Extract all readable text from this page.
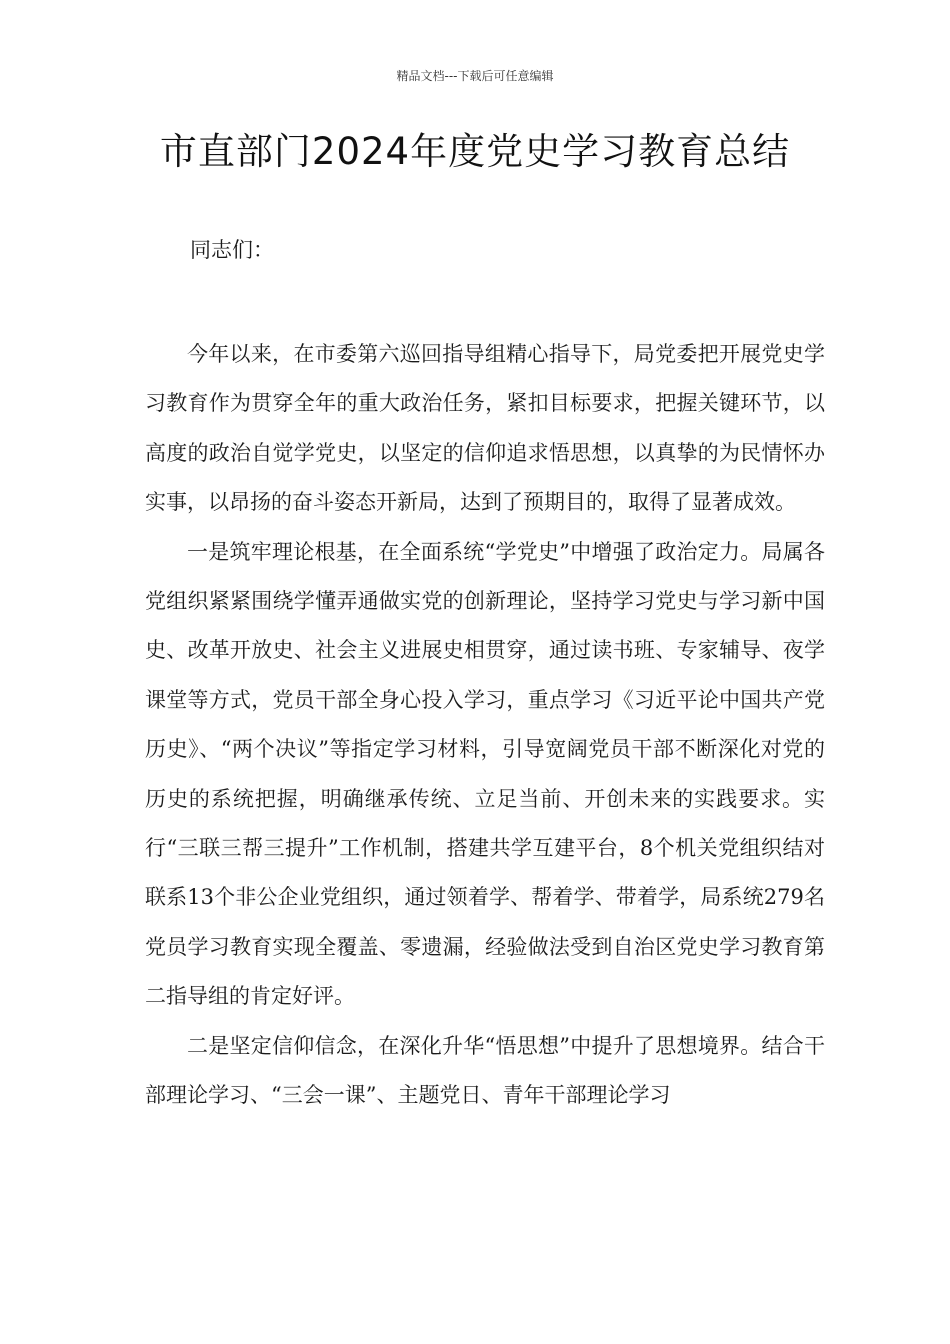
精品文档---下载后可任意编辑
市直部门2024年度党史学习教育总结
同志们：

今年以来，在市委第六巡回指导组精心指导下，局党委把开展党史学习教育作为贯穿全年的重大政治任务，紧扣目标要求，把握关键环节，以高度的政治自觉学党史，以坚定的信仰追求悟思想，以真挚的为民情怀办实事，以昂扬的奋斗姿态开新局，达到了预期目的，取得了显著成效。

一是筑牢理论根基，在全面系统“学党史”中增强了政治定力。局属各党组织紧紧围绕学懂弄通做实党的创新理论，坚持学习党史与学习新中国史、改革开放史、社会主义进展史相贯穿，通过读书班、专家辅导、夜学课堂等方式，党员干部全身心投入学习，重点学习《习近平论中国共产党历史》、“两个决议”等指定学习材料，引导宽阔党员干部不断深化对党的历史的系统把握，明确继承传统、立足当前、开创未来的实践要求。实行“三联三帮三提升”工作机制，搭建共学互建平台，8个机关党组织结对联系13个非公企业党组织，通过领着学、帮着学、带着学，局系统279名党员学习教育实现全覆盖、零遗漏，经验做法受到自治区党史学习教育第二指导组的肯定好评。

二是坚定信仰信念，在深化升华“悟思想”中提升了思想境界。结合干部理论学习、“三会一课”、主题党日、青年干部理论学习
